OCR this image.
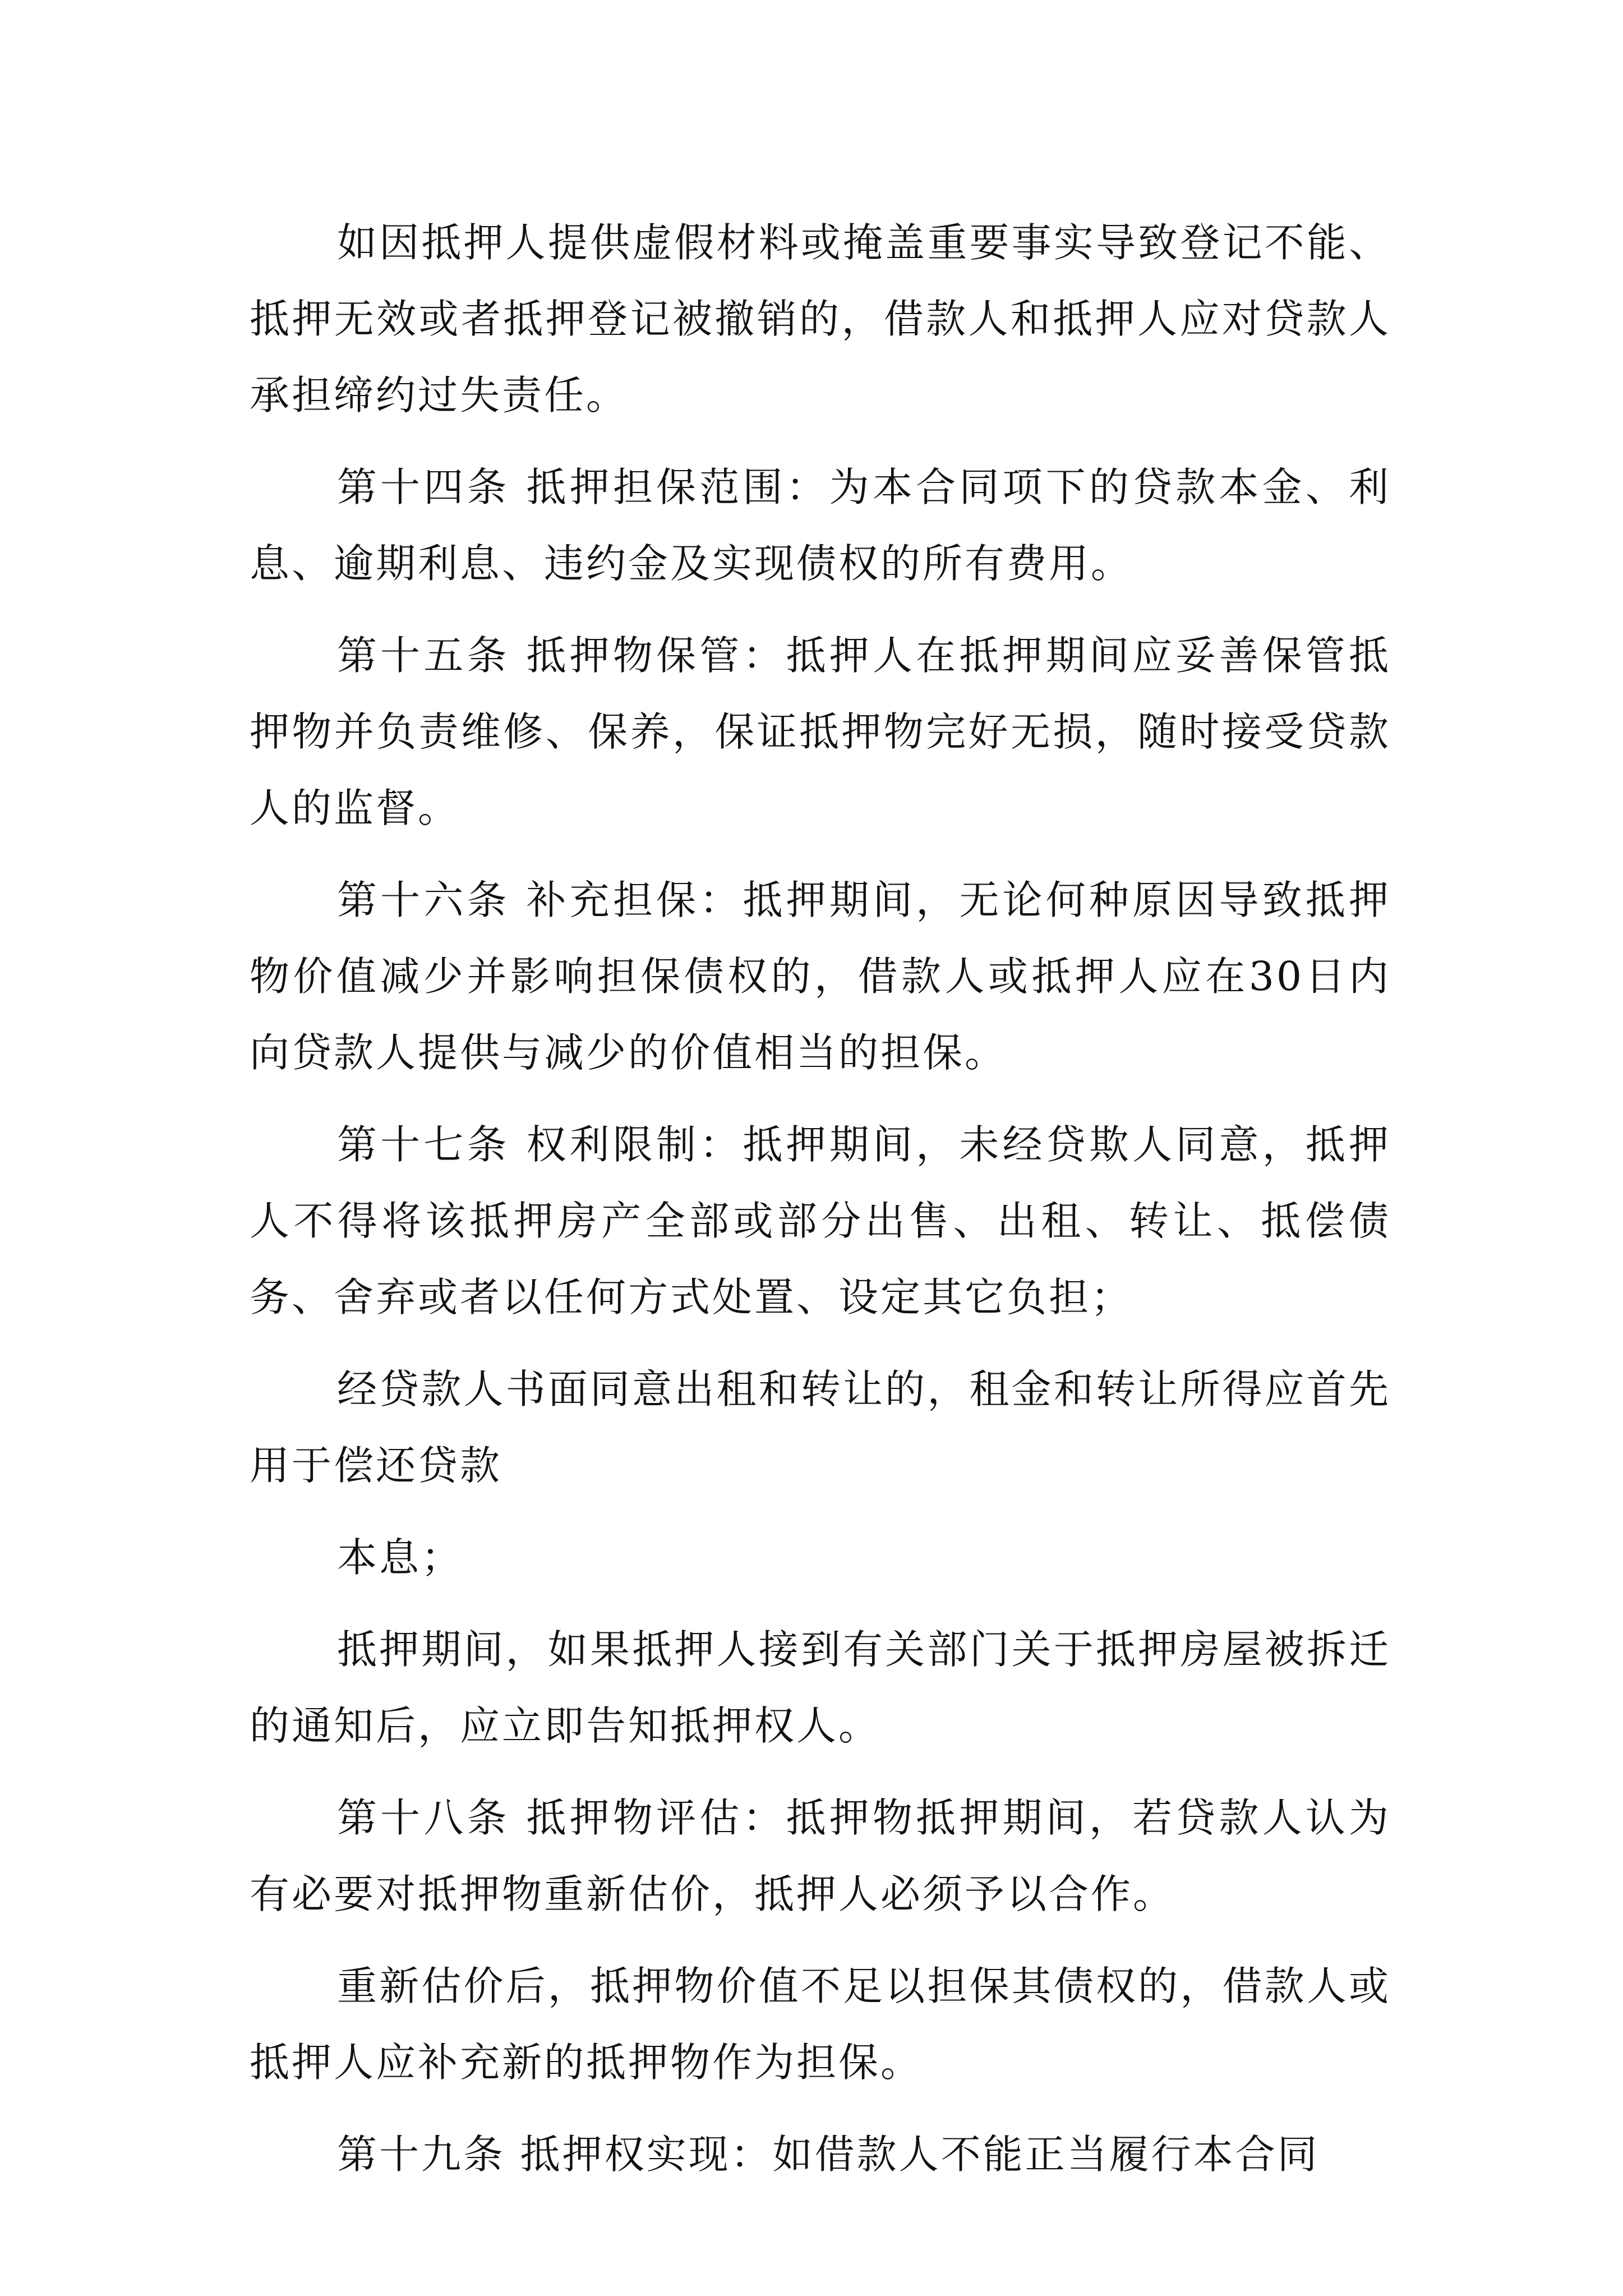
如因抵押人提供虚假材料或掩盖重要事实导致登记不能、抵押无效或者抵押登记被撤销的，借款人和抵押人应对贷款人承担缔约过失责任。

第十四条 抵押担保范围：为本合同项下的贷款本金、利息、逾期利息、违约金及实现债权的所有费用。

第十五条 抵押物保管：抵押人在抵押期间应妥善保管抵押物并负责维修、保养，保证抵押物完好无损，随时接受贷款人的监督。

第十六条 补充担保：抵押期间，无论何种原因导致抵押物价值减少并影响担保债权的，借款人或抵押人应在30日内向贷款人提供与减少的价值相当的担保。

第十七条 权利限制：抵押期间，未经贷欺人同意，抵押人不得将该抵押房产全部或部分出售、出租、转让、抵偿债务、舍弃或者以任何方式处置、设定其它负担；

经贷款人书面同意出租和转让的，租金和转让所得应首先用于偿还贷款

本息；

抵押期间，如果抵押人接到有关部门关于抵押房屋被拆迁的通知后，应立即告知抵押权人。

第十八条 抵押物评估：抵押物抵押期间，若贷款人认为有必要对抵押物重新估价，抵押人必须予以合作。

重新估价后，抵押物价值不足以担保其债权的，借款人或抵押人应补充新的抵押物作为担保。

第十九条 抵押权实现：如借款人不能正当履行本合同
